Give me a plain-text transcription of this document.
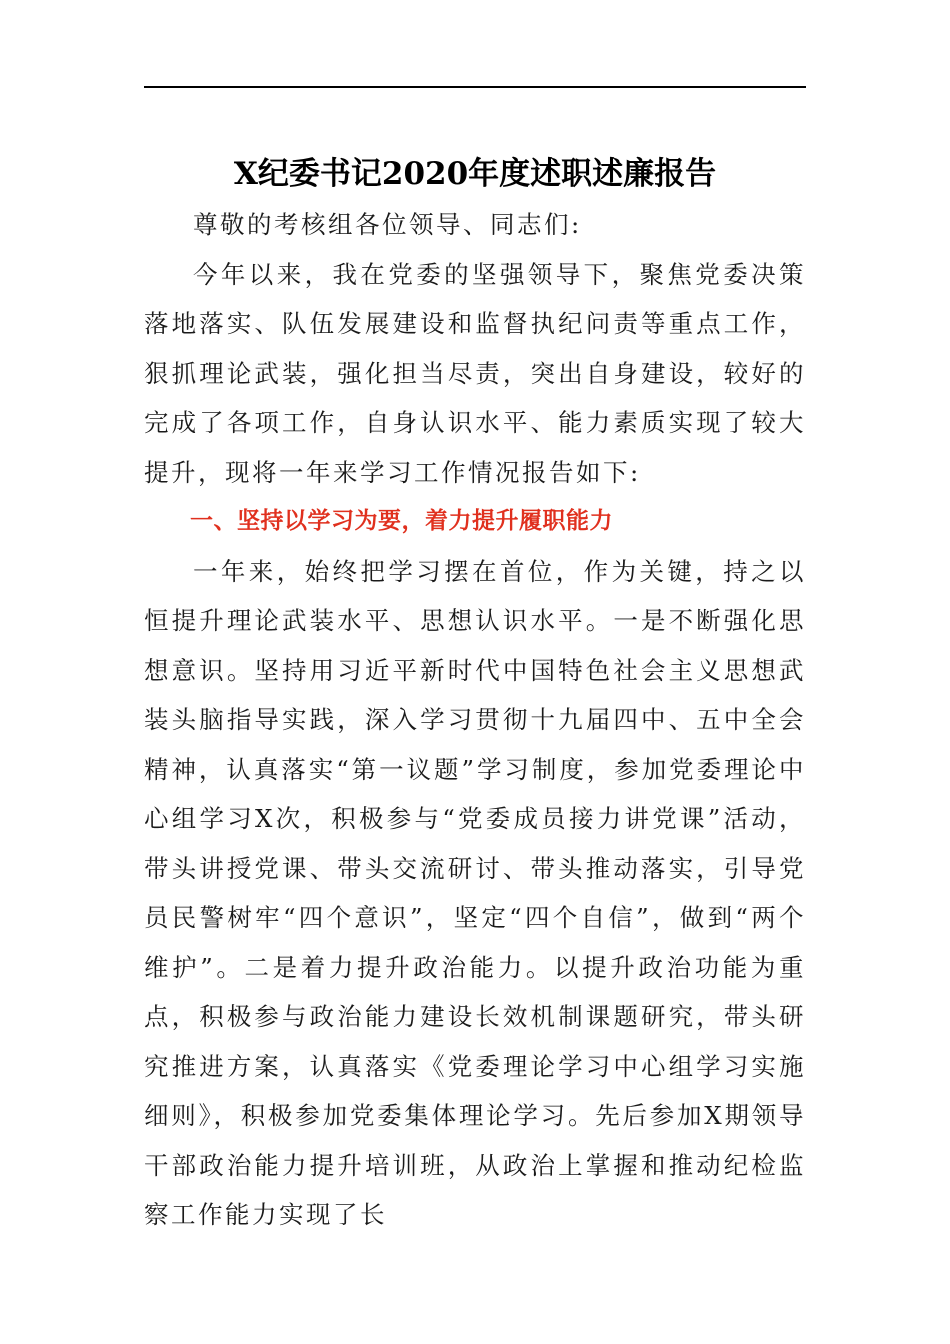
X纪委书记2020年度述职述廉报告

尊敬的考核组各位领导、同志们:

今年以来，我在党委的坚强领导下，聚焦党委决策落地落实、队伍发展建设和监督执纪问责等重点工作，狠抓理论武装，强化担当尽责，突出自身建设，较好的完成了各项工作，自身认识水平、能力素质实现了较大提升，现将一年来学习工作情况报告如下:

一、坚持以学习为要，着力提升履职能力

一年来，始终把学习摆在首位，作为关键，持之以恒提升理论武装水平、思想认识水平。一是不断强化思想意识。坚持用习近平新时代中国特色社会主义思想武装头脑指导实践，深入学习贯彻十九届四中、五中全会精神，认真落实“第一议题”学习制度，参加党委理论中心组学习X次，积极参与“党委成员接力讲党课”活动，带头讲授党课、带头交流研讨、带头推动落实，引导党员民警树牢“四个意识”，坚定“四个自信”，做到“两个维护”。二是着力提升政治能力。以提升政治功能为重点，积极参与政治能力建设长效机制课题研究，带头研究推进方案，认真落实《党委理论学习中心组学习实施细则》，积极参加党委集体理论学习。先后参加X期领导干部政治能力提升培训班，从政治上掌握和推动纪检监察工作能力实现了长
